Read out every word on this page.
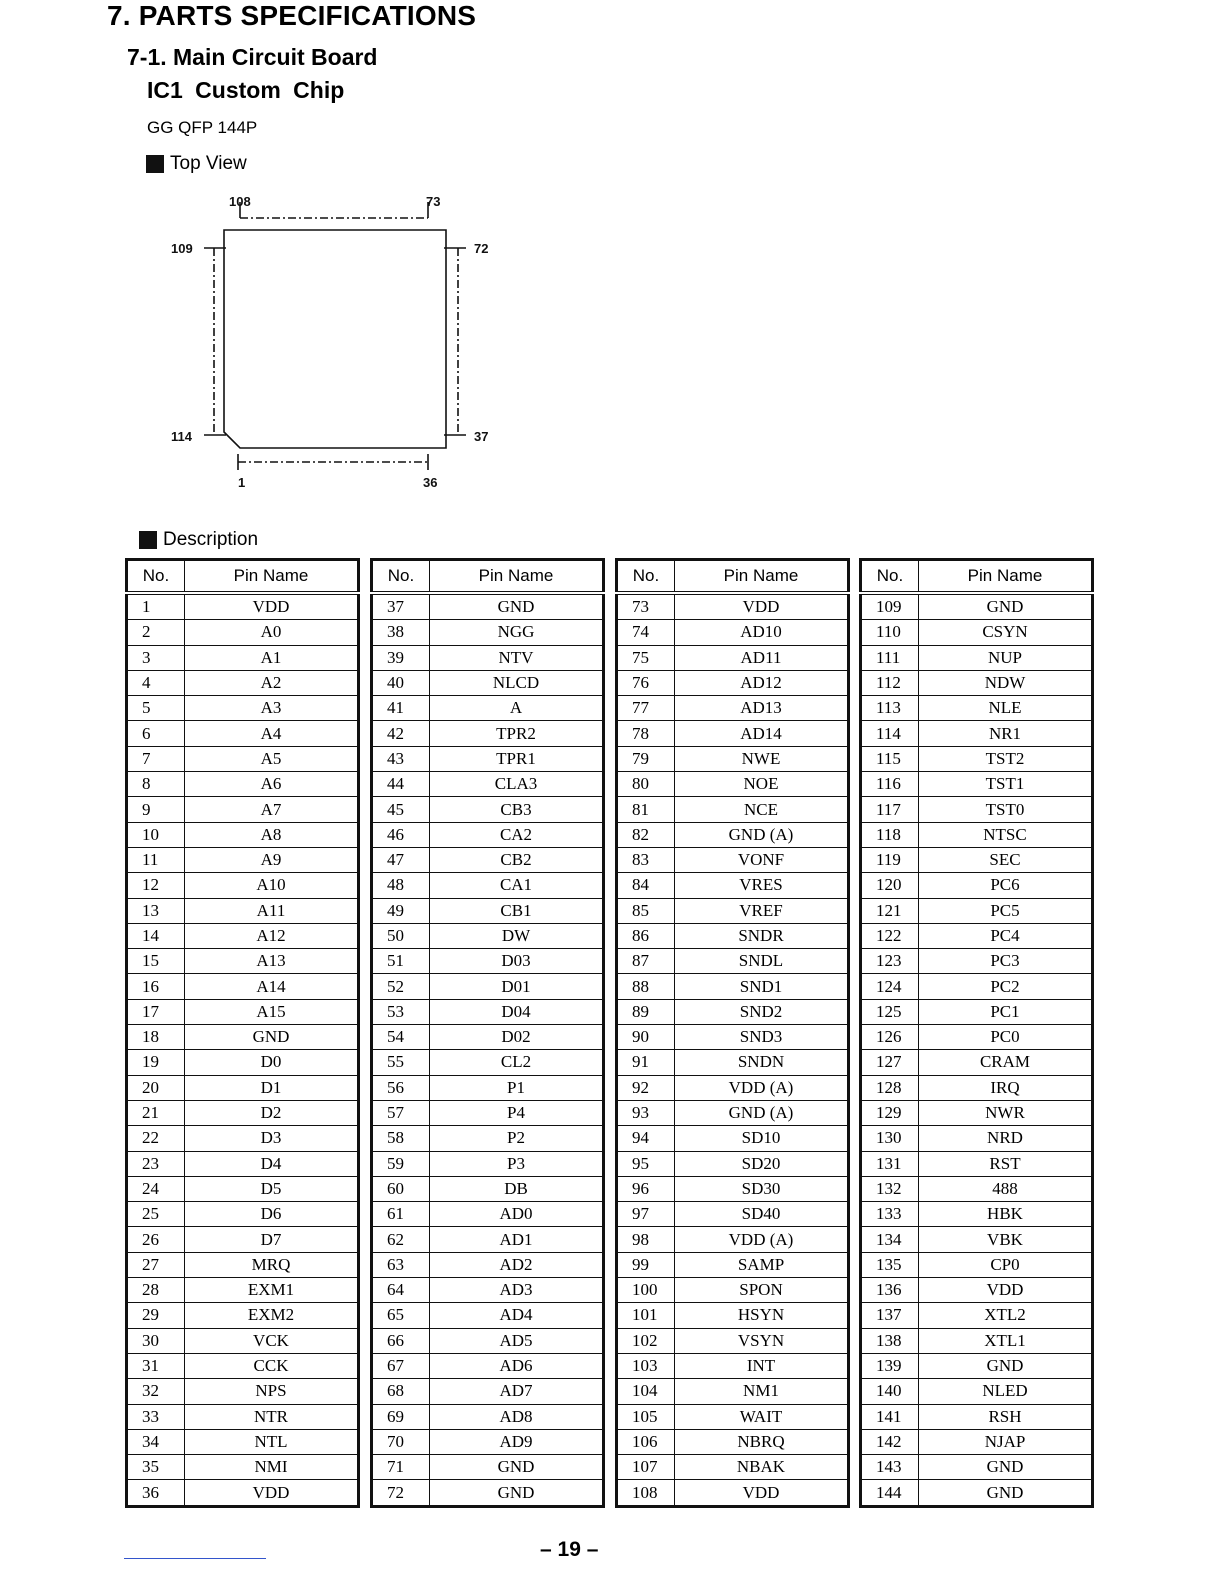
7. PARTS SPECIFICATIONS
7-1. Main Circuit Board
IC1 Custom Chip
GG QFP 144P
Top View
108	73
109	72
114	37
1	36
Description
No.	Pin Name
1	VDD
2	A0
3	A1
4	A2
5	A3
6	A4
7	A5
8	A6
9	A7
10	A8
11	A9
12	A10
13	A11
14	A12
15	A13
16	A14
17	A15
18	GND
19	D0
20	D1
21	D2
22	D3
23	D4
24	D5
25	D6
26	D7
27	MRQ
28	EXM1
29	EXM2
30	VCK
31	CCK
32	NPS
33	NTR
34	NTL
35	NMI
36	VDD
No.	Pin Name
37	GND
38	NGG
39	NTV
40	NLCD
41	A
42	TPR2
43	TPR1
44	CLA3
45	CB3
46	CA2
47	CB2
48	CA1
49	CB1
50	DW
51	D03
52	D01
53	D04
54	D02
55	CL2
56	P1
57	P4
58	P2
59	P3
60	DB
61	AD0
62	AD1
63	AD2
64	AD3
65	AD4
66	AD5
67	AD6
68	AD7
69	AD8
70	AD9
71	GND
72	GND
No.	Pin Name
73	VDD
74	AD10
75	AD11
76	AD12
77	AD13
78	AD14
79	NWE
80	NOE
81	NCE
82	GND (A)
83	VONF
84	VRES
85	VREF
86	SNDR
87	SNDL
88	SND1
89	SND2
90	SND3
91	SNDN
92	VDD (A)
93	GND (A)
94	SD10
95	SD20
96	SD30
97	SD40
98	VDD (A)
99	SAMP
100	SPON
101	HSYN
102	VSYN
103	INT
104	NM1
105	WAIT
106	NBRQ
107	NBAK
108	VDD
No.	Pin Name
109	GND
110	CSYN
111	NUP
112	NDW
113	NLE
114	NR1
115	TST2
116	TST1
117	TST0
118	NTSC
119	SEC
120	PC6
121	PC5
122	PC4
123	PC3
124	PC2
125	PC1
126	PC0
127	CRAM
128	IRQ
129	NWR
130	NRD
131	RST
132	488
133	HBK
134	VBK
135	CP0
136	VDD
137	XTL2
138	XTL1
139	GND
140	NLED
141	RSH
142	NJAP
143	GND
144	GND
– 19 –
